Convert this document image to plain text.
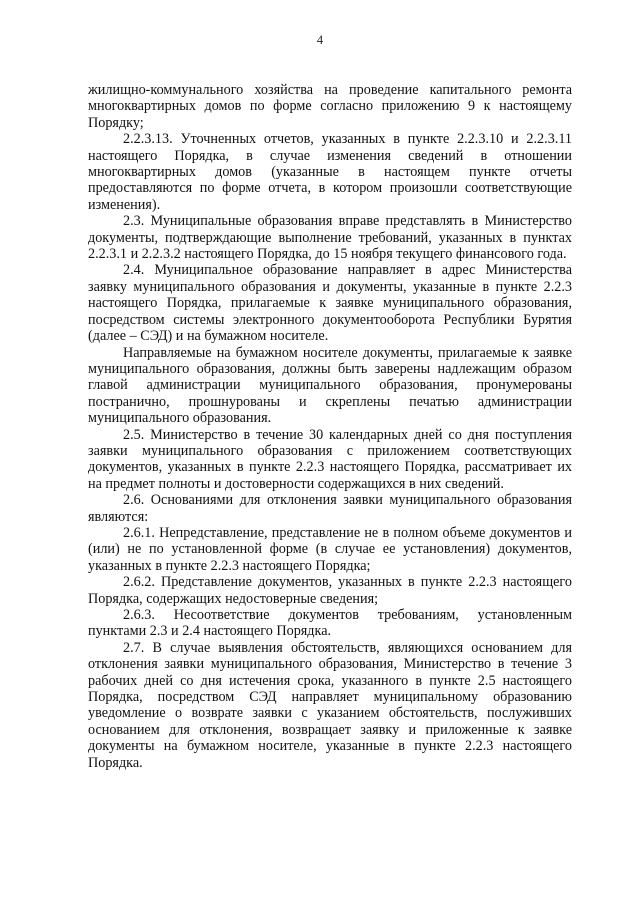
4

жилищно-коммунального хозяйства на проведение капитального ремонта многоквартирных домов по форме согласно приложению 9 к настоящему Порядку;

2.2.3.13. Уточненных отчетов, указанных в пункте 2.2.3.10 и 2.2.3.11 настоящего Порядка, в случае изменения сведений в отношении многоквартирных домов (указанные в настоящем пункте отчеты предоставляются по форме отчета, в котором произошли соответствующие изменения).

2.3. Муниципальные образования вправе представлять в Министерство документы, подтверждающие выполнение требований, указанных в пунктах 2.2.3.1 и 2.2.3.2 настоящего Порядка, до 15 ноября текущего финансового года.

2.4. Муниципальное образование направляет в адрес Министерства заявку муниципального образования и документы, указанные в пункте 2.2.3 настоящего Порядка, прилагаемые к заявке муниципального образования, посредством системы электронного документооборота Республики Бурятия (далее – СЭД) и на бумажном носителе.

Направляемые на бумажном носителе документы, прилагаемые к заявке муниципального образования, должны быть заверены надлежащим образом главой администрации муниципального образования, пронумерованы постранично, прошнурованы и скреплены печатью администрации муниципального образования.

2.5. Министерство в течение 30 календарных дней со дня поступления заявки муниципального образования с приложением соответствующих документов, указанных в пункте 2.2.3 настоящего Порядка, рассматривает их на предмет полноты и достоверности содержащихся в них сведений.

2.6. Основаниями для отклонения заявки муниципального образования являются:

2.6.1. Непредставление, представление не в полном объеме документов и (или) не по установленной форме (в случае ее установления) документов, указанных в пункте 2.2.3 настоящего Порядка;

2.6.2. Представление документов, указанных в пункте 2.2.3 настоящего Порядка, содержащих недостоверные сведения;

2.6.3. Несоответствие документов требованиям, установленным пунктами 2.3 и 2.4 настоящего Порядка.

2.7. В случае выявления обстоятельств, являющихся основанием для отклонения заявки муниципального образования, Министерство в течение 3 рабочих дней со дня истечения срока, указанного в пункте 2.5 настоящего Порядка, посредством СЭД направляет муниципальному образованию уведомление о возврате заявки с указанием обстоятельств, послуживших основанием для отклонения, возвращает заявку и приложенные к заявке документы на бумажном носителе, указанные в пункте 2.2.3 настоящего Порядка.
